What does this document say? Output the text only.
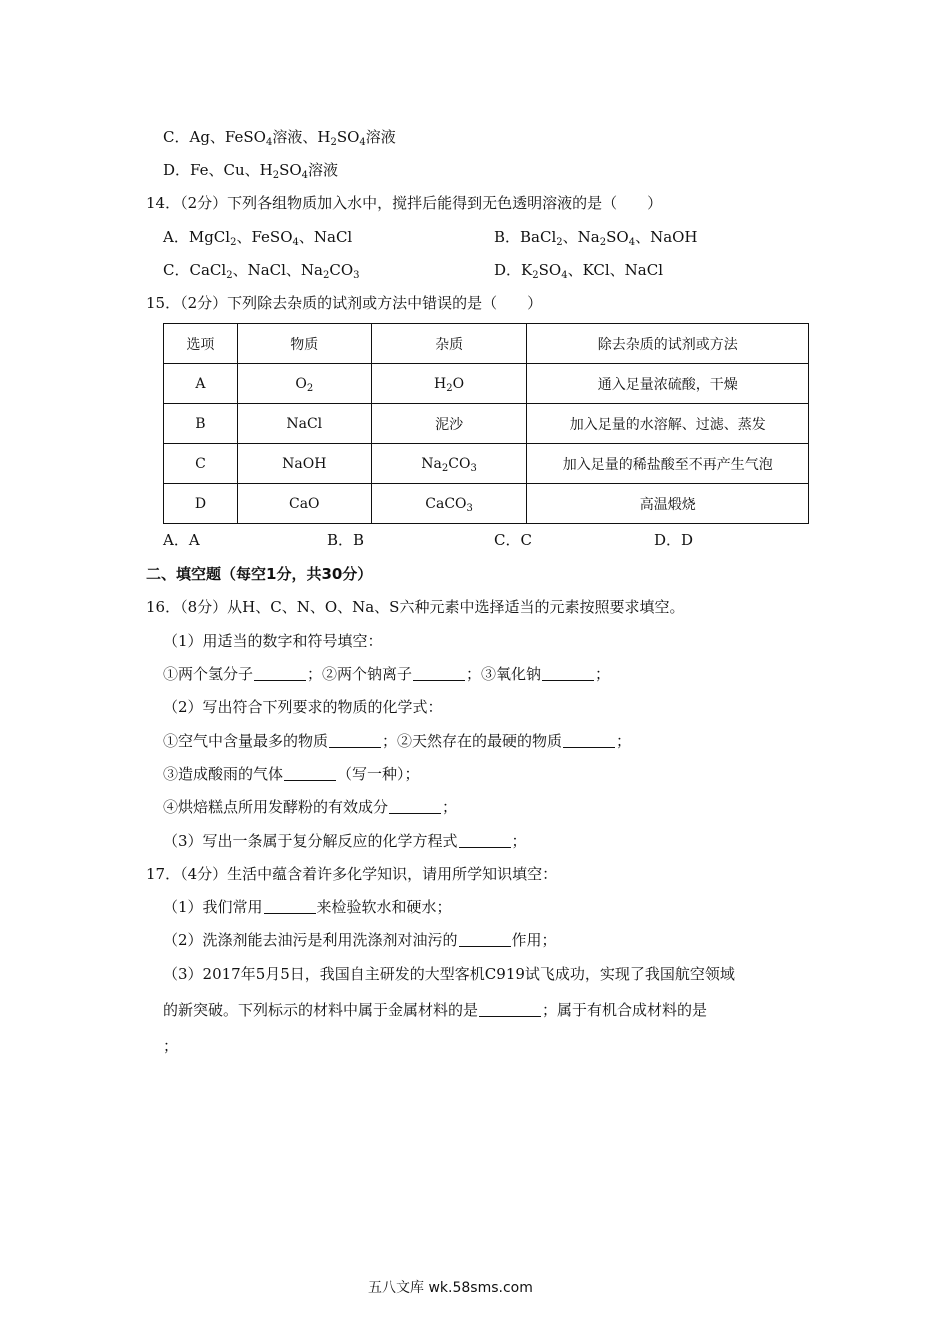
C．Ag、FeSO$_4$溶液、$H_2SO_4$溶液
D．Fe、Cu、$H_2SO_4$溶液
14．（2分）下列各组物质加入水中，搅拌后能得到无色透明溶液的是（　　）
A．MgCl$_2$、FeSO$_4$、NaCl	B．BaCl$_2$、$Na_2SO_4$、NaOH
C．CaCl$_2$、NaCl、$Na_2CO_3$	D．$K_2SO_4$、KCl、NaCl
15．（2分）下列除去杂质的试剂或方法中错误的是（　　）
选项	物质	杂质	除去杂质的试剂或方法
A	$O_2$	$H_2O$	通入足量浓硫酸，干燥
B	NaCl	泥沙	加入足量的水溶解、过滤、蒸发
C	NaOH	$Na_2CO_3$	加入足量的稀盐酸至不再产生气泡
D	CaO	CaCO$_3$	高温煅烧
A．A	B．B	C．C	D．D
二、填空题（每空1分，共30分）
16．（8分）从H、C、N、O、Na、S六种元素中选择适当的元素按照要求填空。
（1）用适当的数字和符号填空：
①两个氢分子	；②两个钠离子	；③氧化钠	；
（2）写出符合下列要求的物质的化学式：
①空气中含量最多的物质	；②天然存在的最硬的物质	；
③造成酸雨的气体	（写一种）；
④烘焙糕点所用发酵粉的有效成分	；
（3）写出一条属于复分解反应的化学方程式	；
17．（4分）生活中蕴含着许多化学知识，请用所学知识填空：
（1）我们常用	来检验软水和硬水；
（2）洗涤剂能去油污是利用洗涤剂对油污的	作用；
（3）2017年5月5日，我国自主研发的大型客机C919试飞成功，实现了我国航空领域
的新突破。下列标示的材料中属于金属材料的是	；属于有机合成材料的是
；
五八文库 wk.58sms.com
